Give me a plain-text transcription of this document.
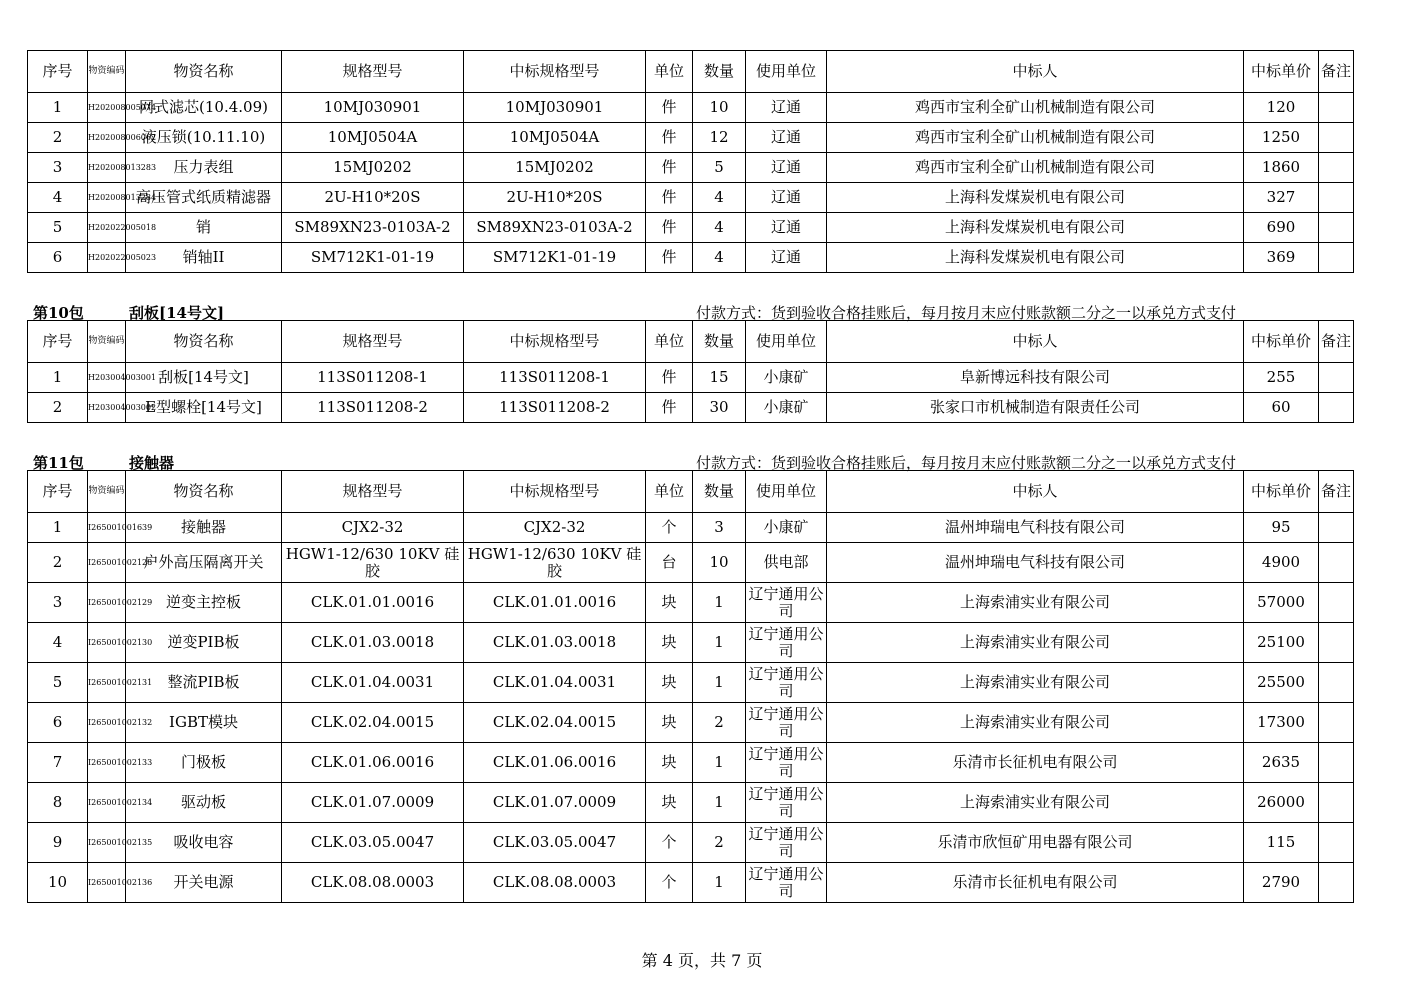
序号	物资编码	物资名称	规格型号	中标规格型号	单位	数量	使用单位	中标人	中标单价	备注
1	H202008005074	网式滤芯(10.4.09)	10MJ030901	10MJ030901	件	10	辽通	鸡西市宝利全矿山机械制造有限公司	120	
2	H202008006062	液压锁(10.11.10)	10MJ0504A	10MJ0504A	件	12	辽通	鸡西市宝利全矿山机械制造有限公司	1250	
3	H202008013283	压力表组	15MJ0202	15MJ0202	件	5	辽通	鸡西市宝利全矿山机械制造有限公司	1860	
4	H202008013284	高压管式纸质精滤器	2U-H10*20S	2U-H10*20S	件	4	辽通	上海科发煤炭机电有限公司	327	
5	H202022005018	销	SM89XN23-0103A-2	SM89XN23-0103A-2	件	4	辽通	上海科发煤炭机电有限公司	690	
6	H202022005023	销轴II	SM712K1-01-19	SM712K1-01-19	件	4	辽通	上海科发煤炭机电有限公司	369	
第10包	刮板[14号文]	付款方式：货到验收合格挂账后，每月按月末应付账款额二分之一以承兑方式支付
序号	物资编码	物资名称	规格型号	中标规格型号	单位	数量	使用单位	中标人	中标单价	备注
1	H203004003001	刮板[14号文]	113S011208-1	113S011208-1	件	15	小康矿	阜新博远科技有限公司	255	
2	H203004003002	E型螺栓[14号文]	113S011208-2	113S011208-2	件	30	小康矿	张家口市机械制造有限责任公司	60	
第11包	接触器	付款方式：货到验收合格挂账后，每月按月末应付账款额二分之一以承兑方式支付
序号	物资编码	物资名称	规格型号	中标规格型号	单位	数量	使用单位	中标人	中标单价	备注
1	I265001001639	接触器	CJX2-32	CJX2-32	个	3	小康矿	温州坤瑞电气科技有限公司	95	
2	I265001002128	户外高压隔离开关	HGW1-12/630 10KV 硅胶	HGW1-12/630 10KV 硅胶	台	10	供电部	温州坤瑞电气科技有限公司	4900	
3	I265001002129	逆变主控板	CLK.01.01.0016	CLK.01.01.0016	块	1	辽宁通用公司	上海索浦实业有限公司	57000	
4	I265001002130	逆变PIB板	CLK.01.03.0018	CLK.01.03.0018	块	1	辽宁通用公司	上海索浦实业有限公司	25100	
5	I265001002131	整流PIB板	CLK.01.04.0031	CLK.01.04.0031	块	1	辽宁通用公司	上海索浦实业有限公司	25500	
6	I265001002132	IGBT模块	CLK.02.04.0015	CLK.02.04.0015	块	2	辽宁通用公司	上海索浦实业有限公司	17300	
7	I265001002133	门极板	CLK.01.06.0016	CLK.01.06.0016	块	1	辽宁通用公司	乐清市长征机电有限公司	2635	
8	I265001002134	驱动板	CLK.01.07.0009	CLK.01.07.0009	块	1	辽宁通用公司	上海索浦实业有限公司	26000	
9	I265001002135	吸收电容	CLK.03.05.0047	CLK.03.05.0047	个	2	辽宁通用公司	乐清市欣恒矿用电器有限公司	115	
10	I265001002136	开关电源	CLK.08.08.0003	CLK.08.08.0003	个	1	辽宁通用公司	乐清市长征机电有限公司	2790	
第 4 页，共 7 页
